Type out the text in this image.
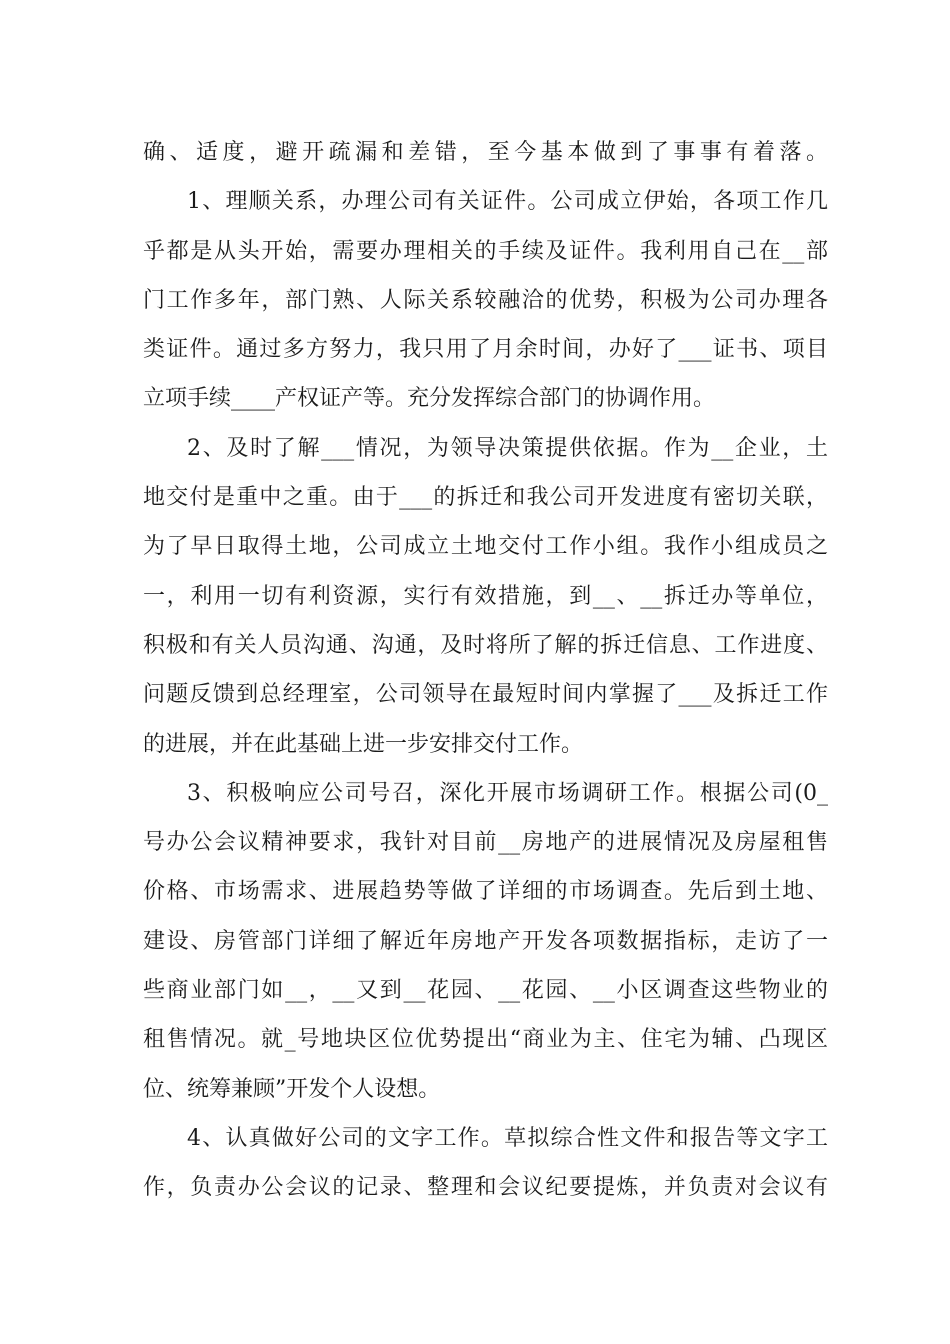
确、适度，避开疏漏和差错，至今基本做到了事事有着落。
1、理顺关系，办理公司有关证件。公司成立伊始，各项工作几
乎都是从头开始，需要办理相关的手续及证件。我利用自己在__部
门工作多年，部门熟、人际关系较融洽的优势，积极为公司办理各
类证件。通过多方努力，我只用了月余时间，办好了___证书、项目
立项手续____产权证产等。充分发挥综合部门的协调作用。
2、及时了解___情况，为领导决策提供依据。作为__企业，土
地交付是重中之重。由于___的拆迁和我公司开发进度有密切关联，
为了早日取得土地，公司成立土地交付工作小组。我作小组成员之
一，利用一切有利资源，实行有效措施，到__、__拆迁办等单位，
积极和有关人员沟通、沟通，及时将所了解的拆迁信息、工作进度、
问题反馈到总经理室，公司领导在最短时间内掌握了___及拆迁工作
的进展，并在此基础上进一步安排交付工作。
3、积极响应公司号召，深化开展市场调研工作。根据公司(0_
号办公会议精神要求，我针对目前__房地产的进展情况及房屋租售
价格、市场需求、进展趋势等做了详细的市场调查。先后到土地、
建设、房管部门详细了解近年房地产开发各项数据指标，走访了一
些商业部门如__，__又到__花园、__花园、__小区调查这些物业的
租售情况。就_号地块区位优势提出“商业为主、住宅为辅、凸现区
位、统筹兼顾”开发个人设想。
4、认真做好公司的文字工作。草拟综合性文件和报告等文字工
作，负责办公会议的记录、整理和会议纪要提炼，并负责对会议有
